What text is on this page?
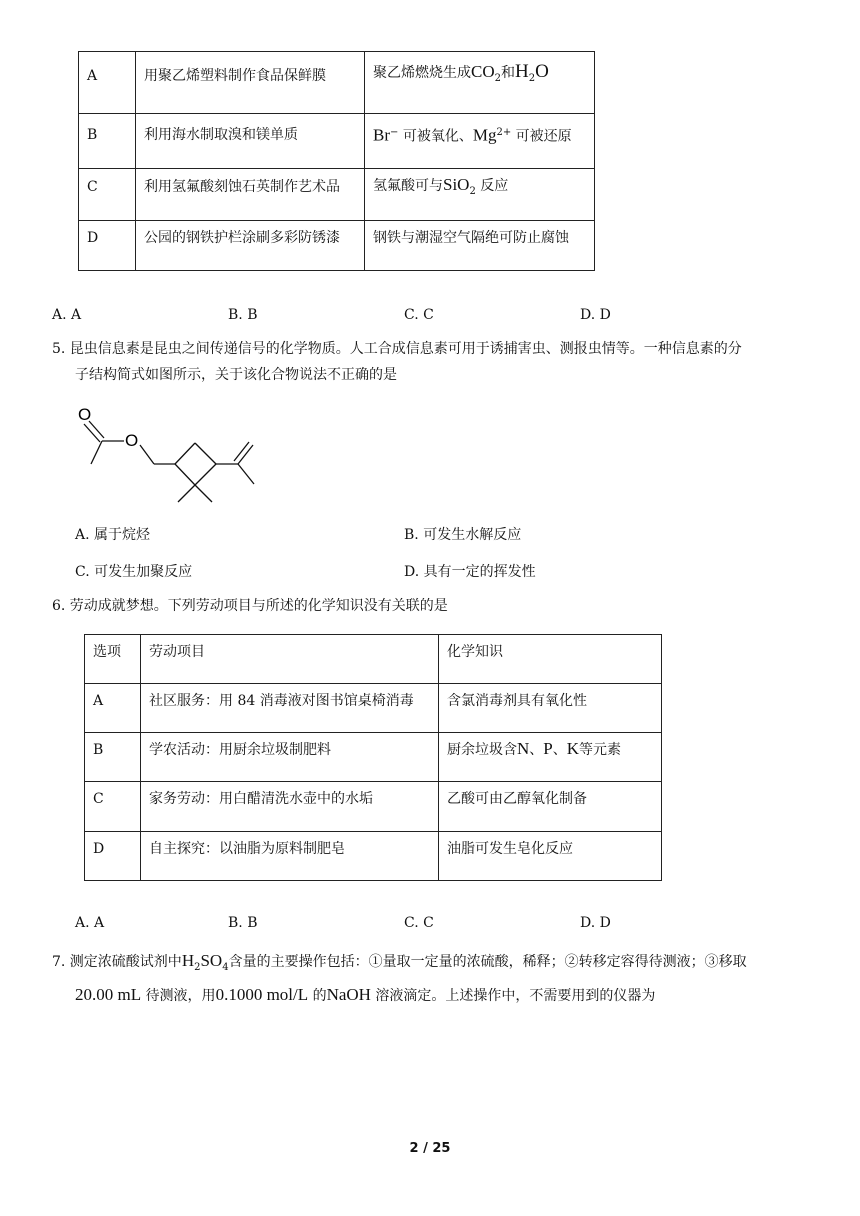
A	用聚乙烯塑料制作食品保鲜膜	聚乙烯燃烧生成$CO_2$和$H_2O$
B	利用海水制取溴和镁单质	Br− 可被氧化、$Mg^{2+}$ 可被还原
C	利用氢氟酸刻蚀石英制作艺术品	氢氟酸可与SiO$_2$ 反应
D	公园的钢铁护栏涂刷多彩防锈漆	钢铁与潮湿空气隔绝可防止腐蚀
A. A	B. B	C. C	D. D
5. 昆虫信息素是昆虫之间传递信号的化学物质。人工合成信息素可用于诱捕害虫、测报虫情等。一种信息素的分
子结构简式如图所示，关于该化合物说法不正确的是
O
O
A. 属于烷烃	B. 可发生水解反应
C. 可发生加聚反应	D. 具有一定的挥发性
6. 劳动成就梦想。下列劳动项目与所述的化学知识没有关联的是
选项	劳动项目	化学知识
A	社区服务：用 84 消毒液对图书馆桌椅消毒	含氯消毒剂具有氧化性
B	学农活动：用厨余垃圾制肥料	厨余垃圾含N、P、K等元素
C	家务劳动：用白醋清洗水壶中的水垢	乙酸可由乙醇氧化制备
D	自主探究：以油脂为原料制肥皂	油脂可发生皂化反应
A. A	B. B	C. C	D. D
7. 测定浓硫酸试剂中$H_2SO_4$含量的主要操作包括：①量取一定量的浓硫酸，稀释；②转移定容得待测液；③移取
20.00 mL 待测液，用0.1000 mol/L 的NaOH 溶液滴定。上述操作中，不需要用到的仪器为
2 / 25
